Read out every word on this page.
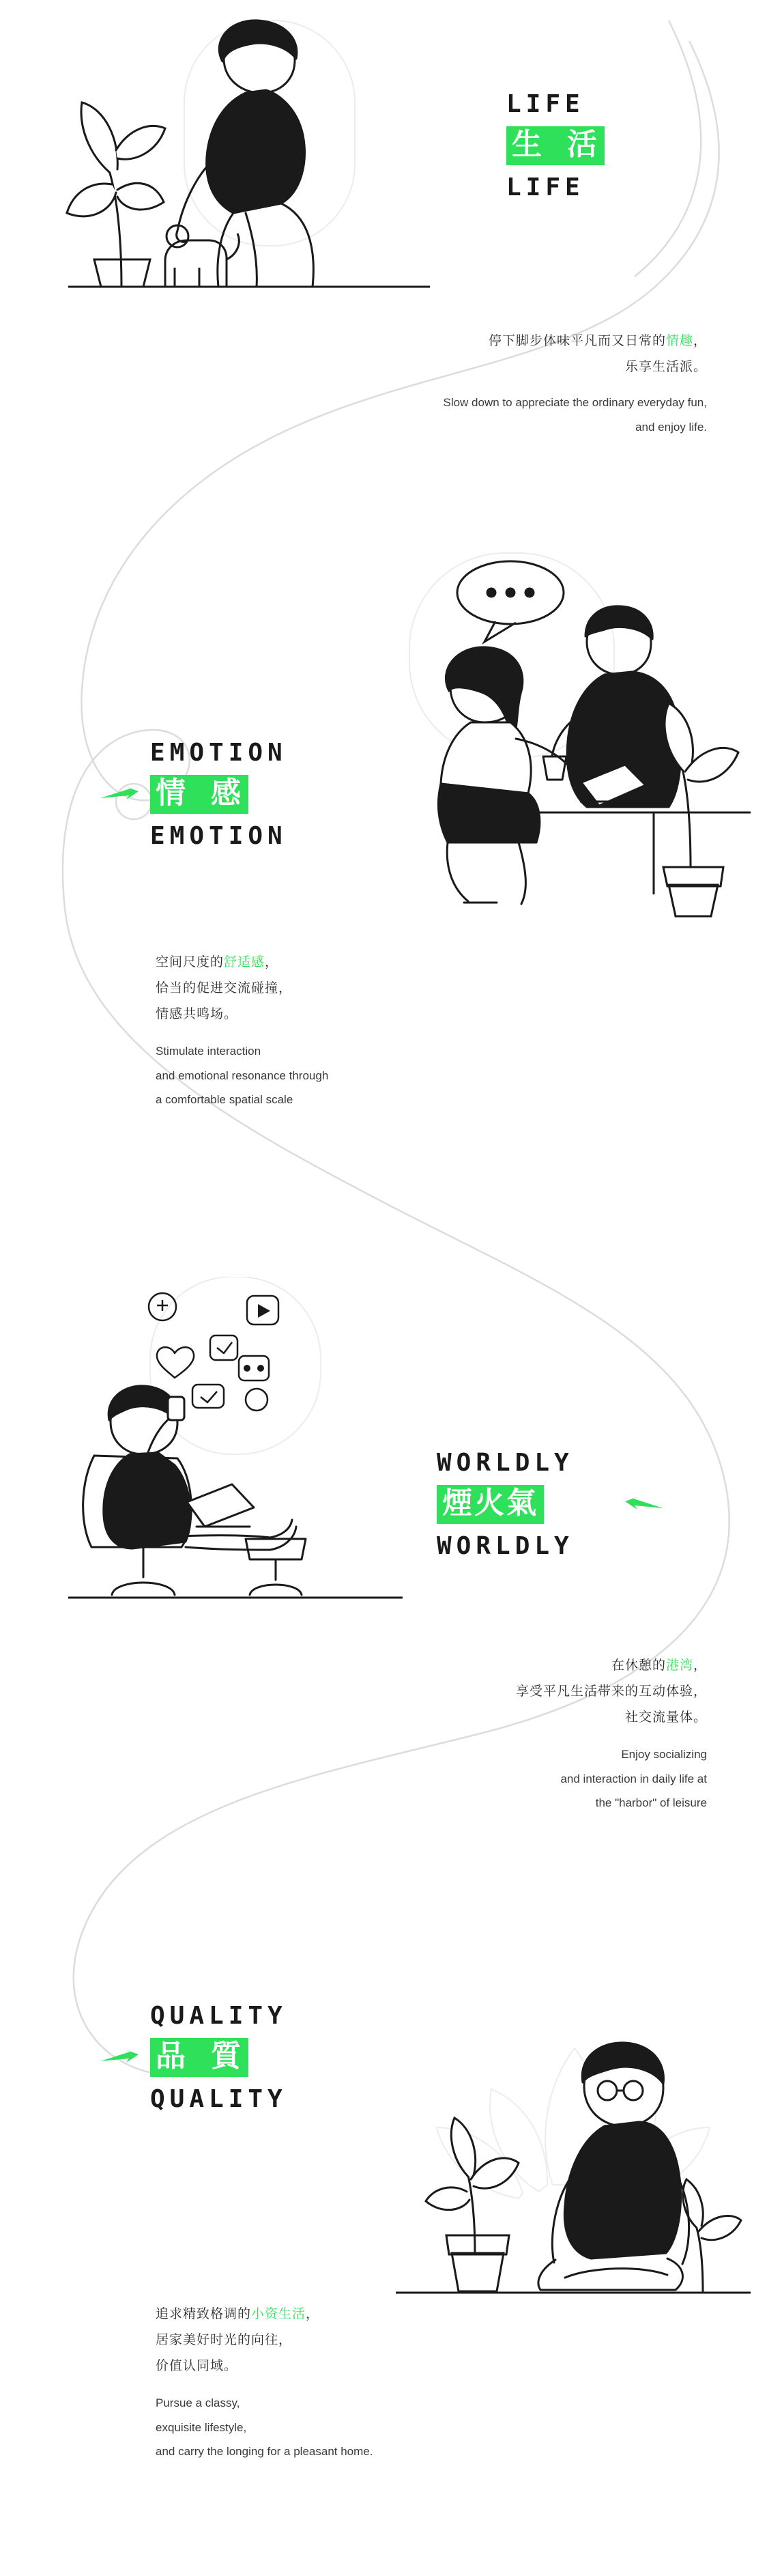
LIFE
生 活
LIFE
停下脚步体味平凡而又日常的情趣，
乐享生活派。
Slow down to appreciate the ordinary everyday fun,
and enjoy life.
EMOTION
情 感
EMOTION
空间尺度的舒适感，
恰当的促进交流碰撞，
情感共鸣场。
Stimulate interaction
and emotional resonance through
a comfortable spatial scale
WORLDLY
煙火氣
WORLDLY
在休憩的港湾，
享受平凡生活带来的互动体验，
社交流量体。
Enjoy socializing
and interaction in daily life at
the "harbor" of leisure
QUALITY
品 質
QUALITY
追求精致格调的小资生活，
居家美好时光的向往，
价值认同域。
Pursue a classy,
exquisite lifestyle,
and carry the longing for a pleasant home.
